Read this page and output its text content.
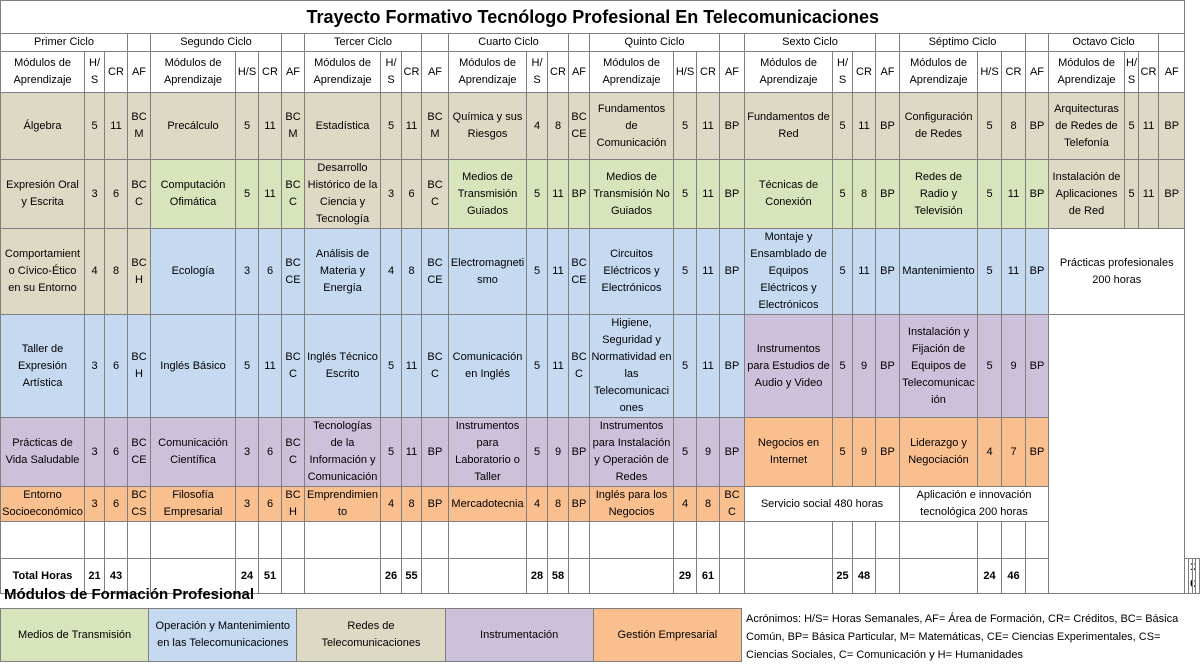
Trayecto Formativo Tecnólogo Profesional En Telecomunicaciones																																			
Primer Ciclo				Segundo Ciclo				Tercer Ciclo				Cuarto Ciclo				Quinto Ciclo				Sexto Ciclo				Séptimo Ciclo				Octavo Ciclo							
Módulos de Aprendizaje	H/S	CR	AF	Módulos de Aprendizaje	H/S	CR	AF	Módulos de Aprendizaje	H/S	CR	AF	Módulos de Aprendizaje	H/S	CR	AF	Módulos de Aprendizaje	H/S	CR	AF	Módulos de Aprendizaje	H/S	CR	AF	Módulos de Aprendizaje	H/S	CR	AF	Módulos de Aprendizaje	H/S	CR	AF				
Álgebra	5	11	BC M	Precálculo	5	11	BC M	Estadística	5	11	BC M	Química y sus Riesgos	4	8	BC CE	Fundamentos de Comunicación	5	11	BP	Fundamentos de Red	5	11	BP	Configuración de Redes	5	8	BP	Arquitecturas de Redes de Telefonía	5	11	BP				
Expresión Oral y Escrita	3	6	BC C	Computación Ofimática	5	11	BC C	Desarrollo Histórico de la Ciencia y Tecnología	3	6	BC C	Medios de Transmisión Guiados	5	11	BP	Medios de Transmisión No Guiados	5	11	BP	Técnicas de Conexión	5	8	BP	Redes de Radio y Televisión	5	11	BP	Instalación de Aplicaciones de Red	5	11	BP				
Comportamiento Cívico-Ético en su Entorno	4	8	BC H	Ecología	3	6	BC CE	Análisis de Materia y Energía	4	8	BC CE	Electromagnetismo	5	11	BC CE	Circuitos Eléctricos y Electrónicos	5	11	BP	Montaje y Ensamblado de Equipos Eléctricos y Electrónicos	5	11	BP	Mantenimiento	5	11	BP	Prácticas profesionales 200 horas							
Taller de Expresión Artística	3	6	BC H	Inglés Básico	5	11	BC C	Inglés Técnico Escrito	5	11	BC C	Comunicación en Inglés	5	11	BC C	Higiene, Seguridad y Normatividad en las Telecomunicaciones	5	11	BP	Instrumentos para Estudios de Audio y Video	5	9	BP	Instalación y Fijación de Equipos de Telecomunicación	5	9	BP								
Prácticas de Vida Saludable	3	6	BC CE	Comunicación Científica	3	6	BC C	Tecnologías de la Información y Comunicación	5	11	BP	Instrumentos para Laboratorio o Taller	5	9	BP	Instrumentos para Instalación y Operación de Redes	5	9	BP	Negocios en Internet	5	9	BP	Liderazgo y Negociación	4	7	BP								
Entorno Socioeconómico	3	6	BC CS	Filosofía Empresarial	3	6	BC H	Emprendimiento	4	8	BP	Mercadotecnia	4	8	BP	Inglés para los Negocios	4	8	BC C	Servicio social 480 horas				Aplicación e innovación tecnológica 200 horas											

Total Horas	21	43			24	51			26	55			28	58			29	61			25	48			24	46					
Módulos de Formación Profesional
Medios de Transmisión	Operación y Mantenimiento en las Telecomunicaciones	Redes de Telecomunicaciones	Instrumentación	Gestión Empresarial
Acrónimos: H/S= Horas Semanales, AF= Área de Formación, CR= Créditos, BC= Básica Común, BP= Básica Particular, M= Matemáticas, CE= Ciencias Experimentales, CS= Ciencias Sociales, C= Comunicación y H= Humanidades
